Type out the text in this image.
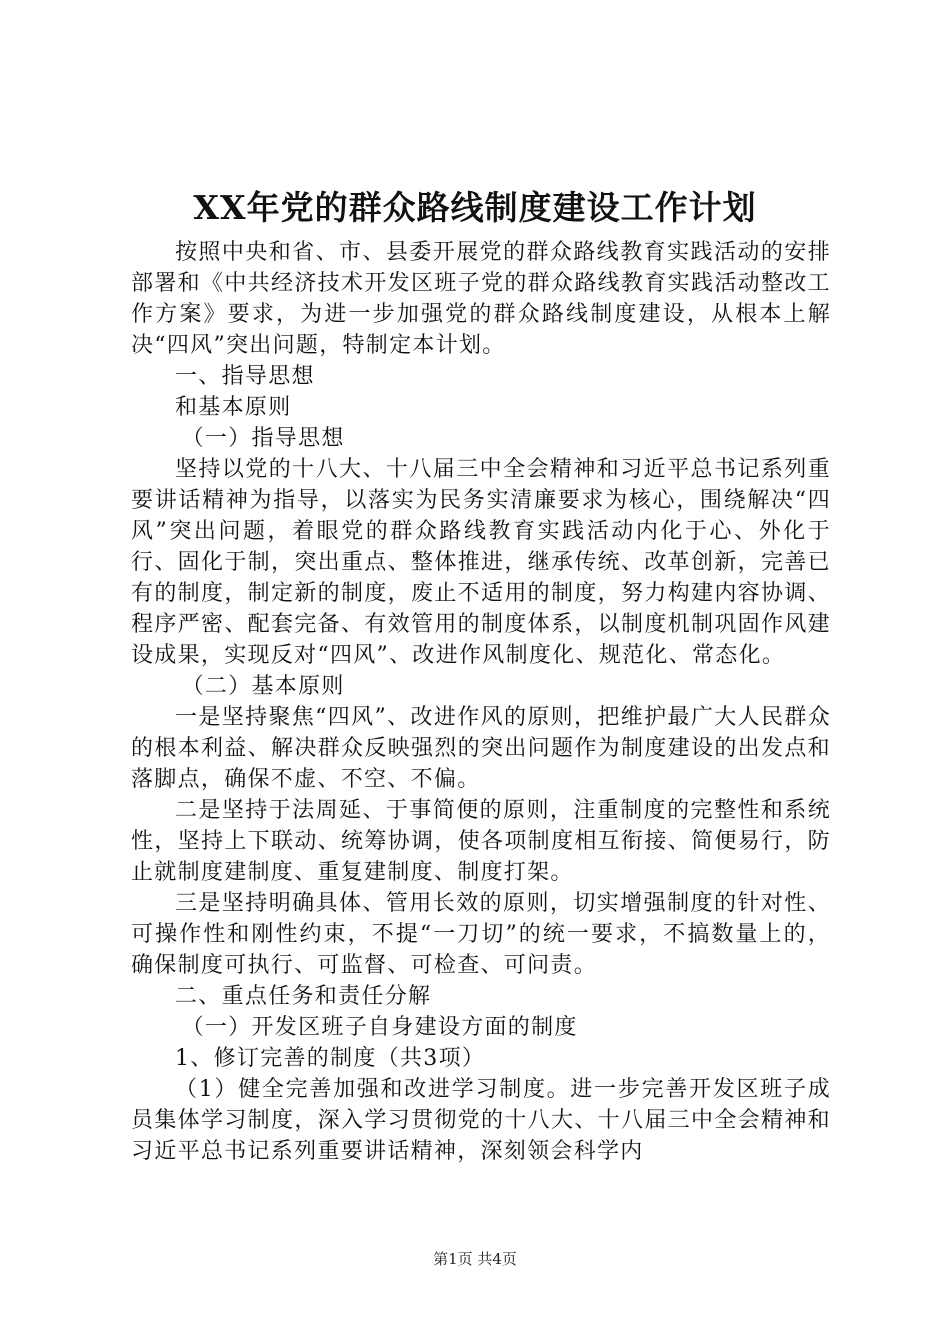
XX年党的群众路线制度建设工作计划

按照中央和省、市、县委开展党的群众路线教育实践活动的安排部署和《中共经济技术开发区班子党的群众路线教育实践活动整改工作方案》要求，为进一步加强党的群众路线制度建设，从根本上解决“四风”突出问题，特制定本计划。

一、指导思想

和基本原则

（一）指导思想

坚持以党的十八大、十八届三中全会精神和习近平总书记系列重要讲话精神为指导，以落实为民务实清廉要求为核心，围绕解决“四风”突出问题，着眼党的群众路线教育实践活动内化于心、外化于行、固化于制，突出重点、整体推进，继承传统、改革创新，完善已有的制度，制定新的制度，废止不适用的制度，努力构建内容协调、程序严密、配套完备、有效管用的制度体系，以制度机制巩固作风建设成果，实现反对“四风”、改进作风制度化、规范化、常态化。

（二）基本原则

一是坚持聚焦“四风”、改进作风的原则，把维护最广大人民群众的根本利益、解决群众反映强烈的突出问题作为制度建设的出发点和落脚点，确保不虚、不空、不偏。

二是坚持于法周延、于事简便的原则，注重制度的完整性和系统性，坚持上下联动、统筹协调，使各项制度相互衔接、简便易行，防止就制度建制度、重复建制度、制度打架。

三是坚持明确具体、管用长效的原则，切实增强制度的针对性、可操作性和刚性约束，不提“一刀切”的统一要求，不搞数量上的，确保制度可执行、可监督、可检查、可问责。

二、重点任务和责任分解

（一）开发区班子自身建设方面的制度

1、修订完善的制度（共3项）

（1）健全完善加强和改进学习制度。进一步完善开发区班子成员集体学习制度，深入学习贯彻党的十八大、十八届三中全会精神和习近平总书记系列重要讲话精神，深刻领会科学内

第1页 共4页
